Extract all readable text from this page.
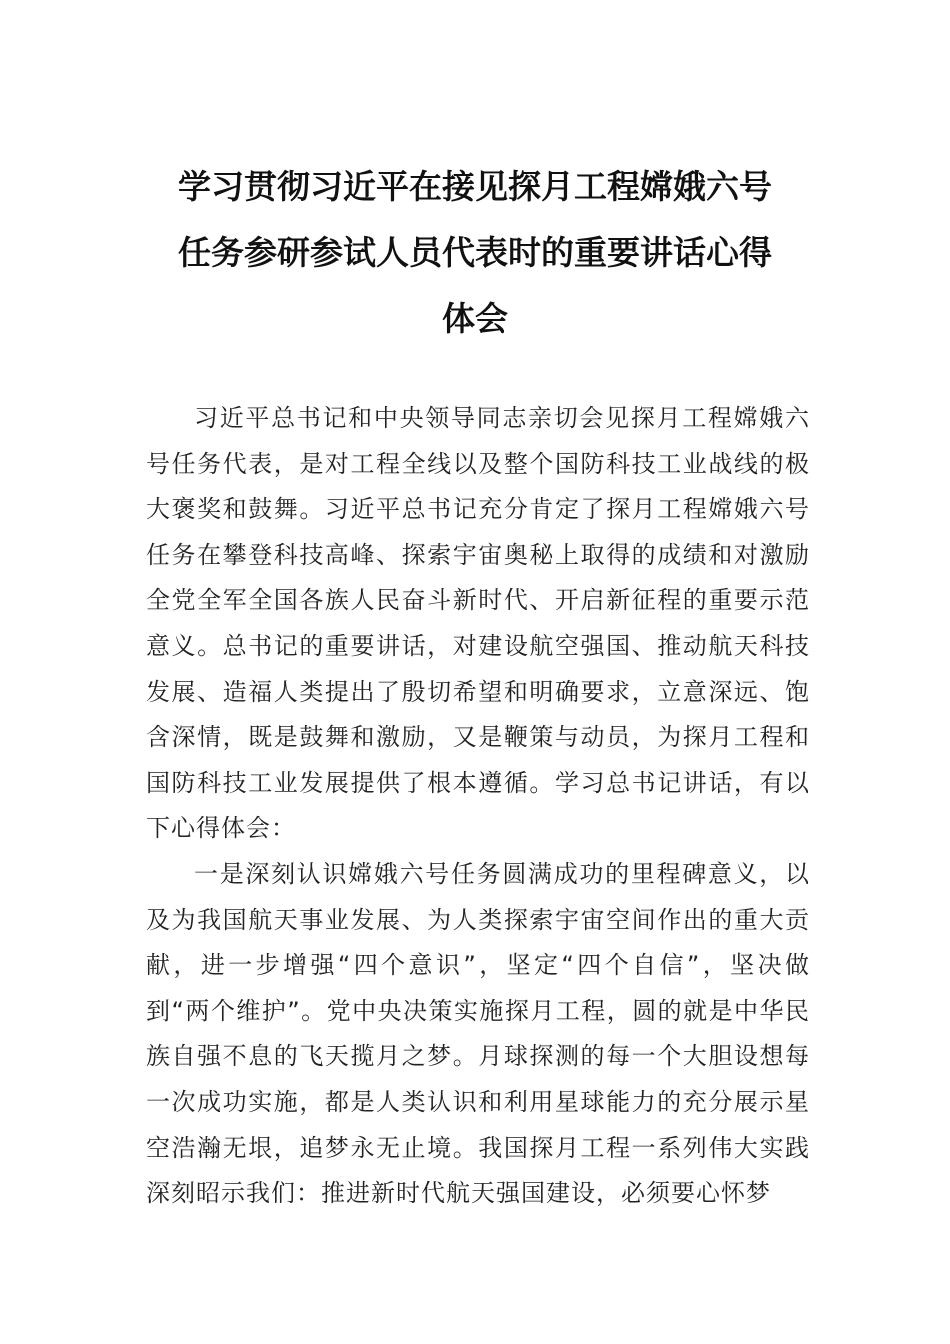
学习贯彻习近平在接见探月工程嫦娥六号
任务参研参试人员代表时的重要讲话心得
体会

习近平总书记和中央领导同志亲切会见探月工程嫦娥六号任务代表，是对工程全线以及整个国防科技工业战线的极大褒奖和鼓舞。习近平总书记充分肯定了探月工程嫦娥六号任务在攀登科技高峰、探索宇宙奥秘上取得的成绩和对激励全党全军全国各族人民奋斗新时代、开启新征程的重要示范意义。总书记的重要讲话，对建设航空强国、推动航天科技发展、造福人类提出了殷切希望和明确要求，立意深远、饱含深情，既是鼓舞和激励，又是鞭策与动员，为探月工程和国防科技工业发展提供了根本遵循。学习总书记讲话，有以下心得体会：

一是深刻认识嫦娥六号任务圆满成功的里程碑意义，以及为我国航天事业发展、为人类探索宇宙空间作出的重大贡献，进一步增强“四个意识”，坚定“四个自信”，坚决做到“两个维护”。党中央决策实施探月工程，圆的就是中华民族自强不息的飞天揽月之梦。月球探测的每一个大胆设想每一次成功实施，都是人类认识和利用星球能力的充分展示星空浩瀚无垠，追梦永无止境。我国探月工程一系列伟大实践深刻昭示我们：推进新时代航天强国建设，必须要心怀梦
